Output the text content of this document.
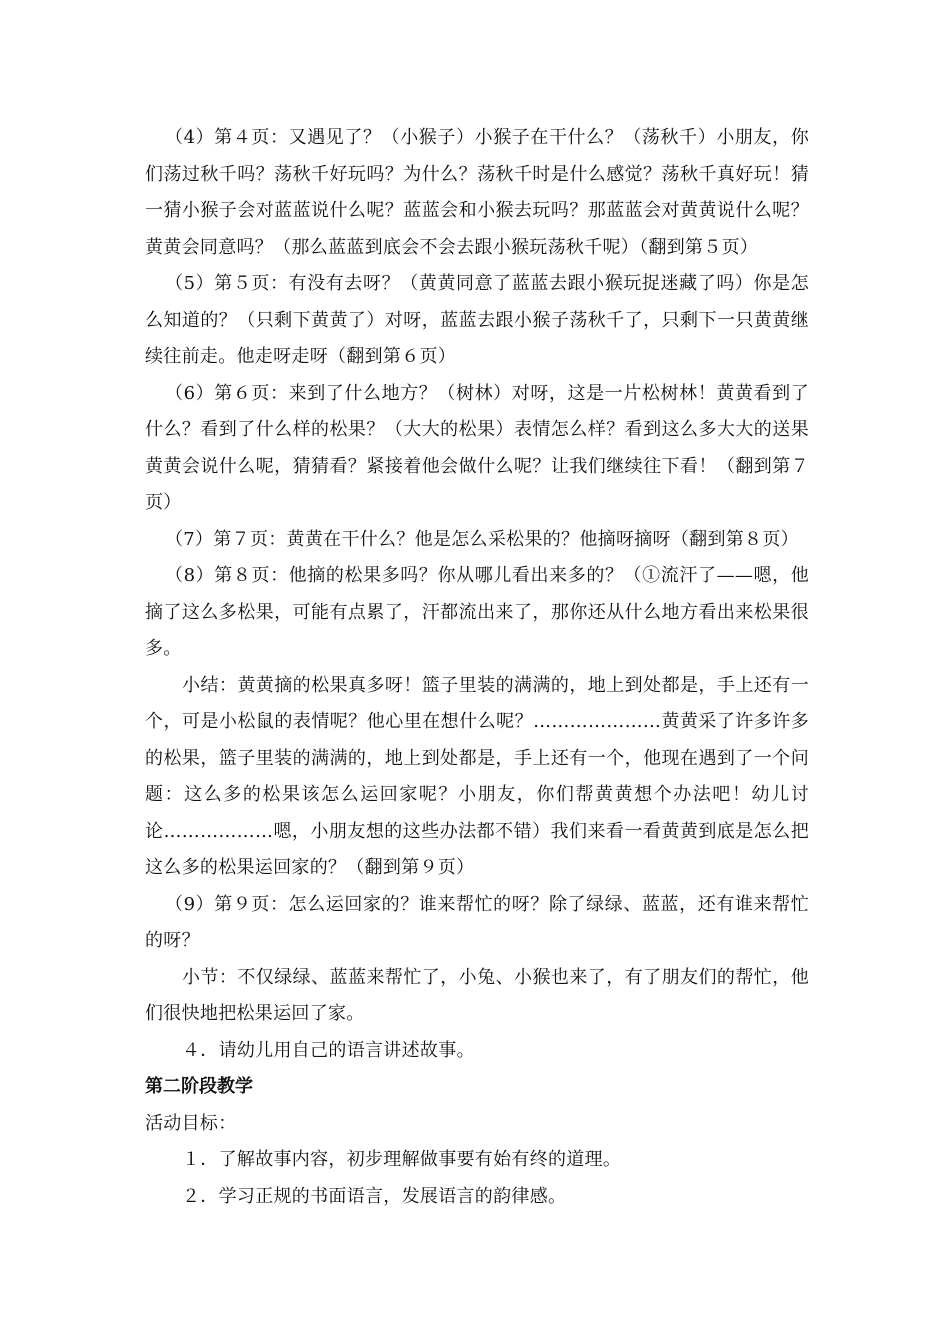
（4）第４页：又遇见了？（小猴子）小猴子在干什么？（荡秋千）小朋友，你们荡过秋千吗？荡秋千好玩吗？为什么？荡秋千时是什么感觉？荡秋千真好玩！猜一猜小猴子会对蓝蓝说什么呢？蓝蓝会和小猴去玩吗？那蓝蓝会对黄黄说什么呢？黄黄会同意吗？（那么蓝蓝到底会不会去跟小猴玩荡秋千呢）（翻到第５页）

（5）第５页：有没有去呀？（黄黄同意了蓝蓝去跟小猴玩捉迷藏了吗）你是怎么知道的？（只剩下黄黄了）对呀，蓝蓝去跟小猴子荡秋千了，只剩下一只黄黄继续往前走。他走呀走呀（翻到第６页）

（6）第６页：来到了什么地方？（树林）对呀，这是一片松树林！黄黄看到了什么？看到了什么样的松果？（大大的松果）表情怎么样？看到这么多大大的送果黄黄会说什么呢，猜猜看？紧接着他会做什么呢？让我们继续往下看！（翻到第７页）

（7）第７页：黄黄在干什么？他是怎么采松果的？他摘呀摘呀（翻到第８页）

（8）第８页：他摘的松果多吗？你从哪儿看出来多的？（①流汗了——嗯，他摘了这么多松果，可能有点累了，汗都流出来了，那你还从什么地方看出来松果很多。

小结：黄黄摘的松果真多呀！篮子里装的满满的，地上到处都是，手上还有一个，可是小松鼠的表情呢？他心里在想什么呢？…………………黄黄采了许多许多的松果，篮子里装的满满的，地上到处都是，手上还有一个，他现在遇到了一个问题：这么多的松果该怎么运回家呢？小朋友，你们帮黄黄想个办法吧！幼儿讨论………………嗯，小朋友想的这些办法都不错）我们来看一看黄黄到底是怎么把这么多的松果运回家的？（翻到第９页）

（9）第９页：怎么运回家的？谁来帮忙的呀？除了绿绿、蓝蓝，还有谁来帮忙的呀？

小节：不仅绿绿、蓝蓝来帮忙了，小兔、小猴也来了，有了朋友们的帮忙，他们很快地把松果运回了家。

４．请幼儿用自己的语言讲述故事。

第二阶段教学

活动目标：

１．了解故事内容，初步理解做事要有始有终的道理。

２．学习正规的书面语言，发展语言的韵律感。
